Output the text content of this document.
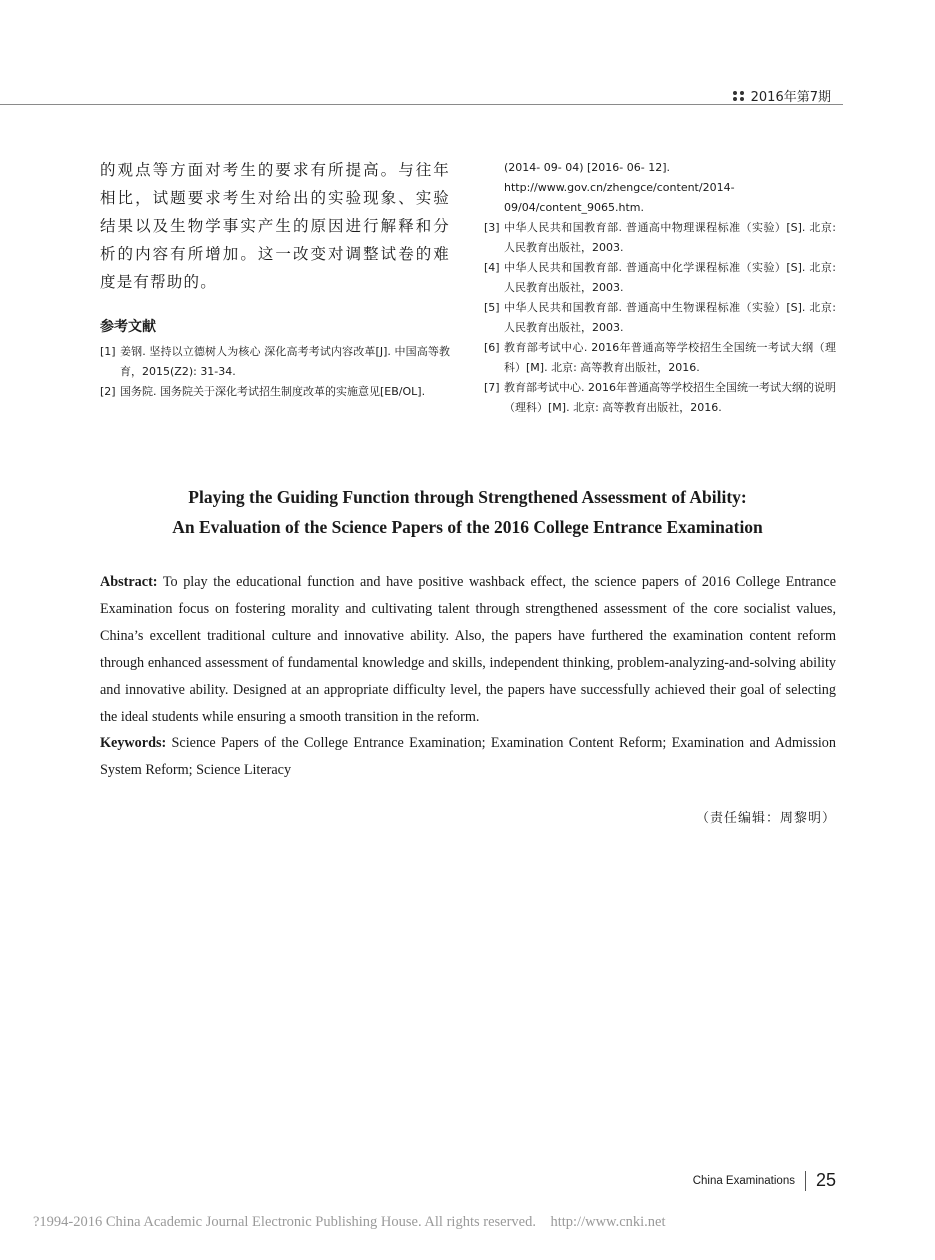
2016年第7期

的观点等方面对考生的要求有所提高。与往年相比，试题要求考生对给出的实验现象、实验结果以及生物学事实产生的原因进行解释和分析的内容有所增加。这一改变对调整试卷的难度是有帮助的。

参考文献
[1] 姜钢. 坚持以立德树人为核心 深化高考考试内容改革[J]. 中国高等教育，2015(Z2): 31-34.
[2] 国务院. 国务院关于深化考试招生制度改革的实施意见[EB/OL].
(2014- 09- 04) [2016- 06- 12]. http://www.gov.cn/zhengce/content/2014-09/04/content_9065.htm.
[3] 中华人民共和国教育部. 普通高中物理课程标准（实验）[S]. 北京: 人民教育出版社，2003.
[4] 中华人民共和国教育部. 普通高中化学课程标准（实验）[S]. 北京: 人民教育出版社，2003.
[5] 中华人民共和国教育部. 普通高中生物课程标准（实验）[S]. 北京: 人民教育出版社，2003.
[6] 教育部考试中心. 2016年普通高等学校招生全国统一考试大纲（理科）[M]. 北京: 高等教育出版社，2016.
[7] 教育部考试中心. 2016年普通高等学校招生全国统一考试大纲的说明（理科）[M]. 北京: 高等教育出版社，2016.
Playing the Guiding Function through Strengthened Assessment of Ability:
An Evaluation of the Science Papers of the 2016 College Entrance Examination

Abstract: To play the educational function and have positive washback effect, the science papers of 2016 College Entrance Examination focus on fostering morality and cultivating talent through strengthened assessment of the core socialist values, China’s excellent traditional culture and innovative ability. Also, the papers have furthered the examination content reform through enhanced assessment of fundamental knowledge and skills, independent thinking, problem-analyzing-and-solving ability and innovative ability. Designed at an appropriate difficulty level, the papers have successfully achieved their goal of selecting the ideal students while ensuring a smooth transition in the reform.

Keywords: Science Papers of the College Entrance Examination; Examination Content Reform; Examination and Admission System Reform; Science Literacy

（责任编辑：周黎明）
China Examinations 25
?1994-2016 China Academic Journal Electronic Publishing House. All rights reserved.    http://www.cnki.net
